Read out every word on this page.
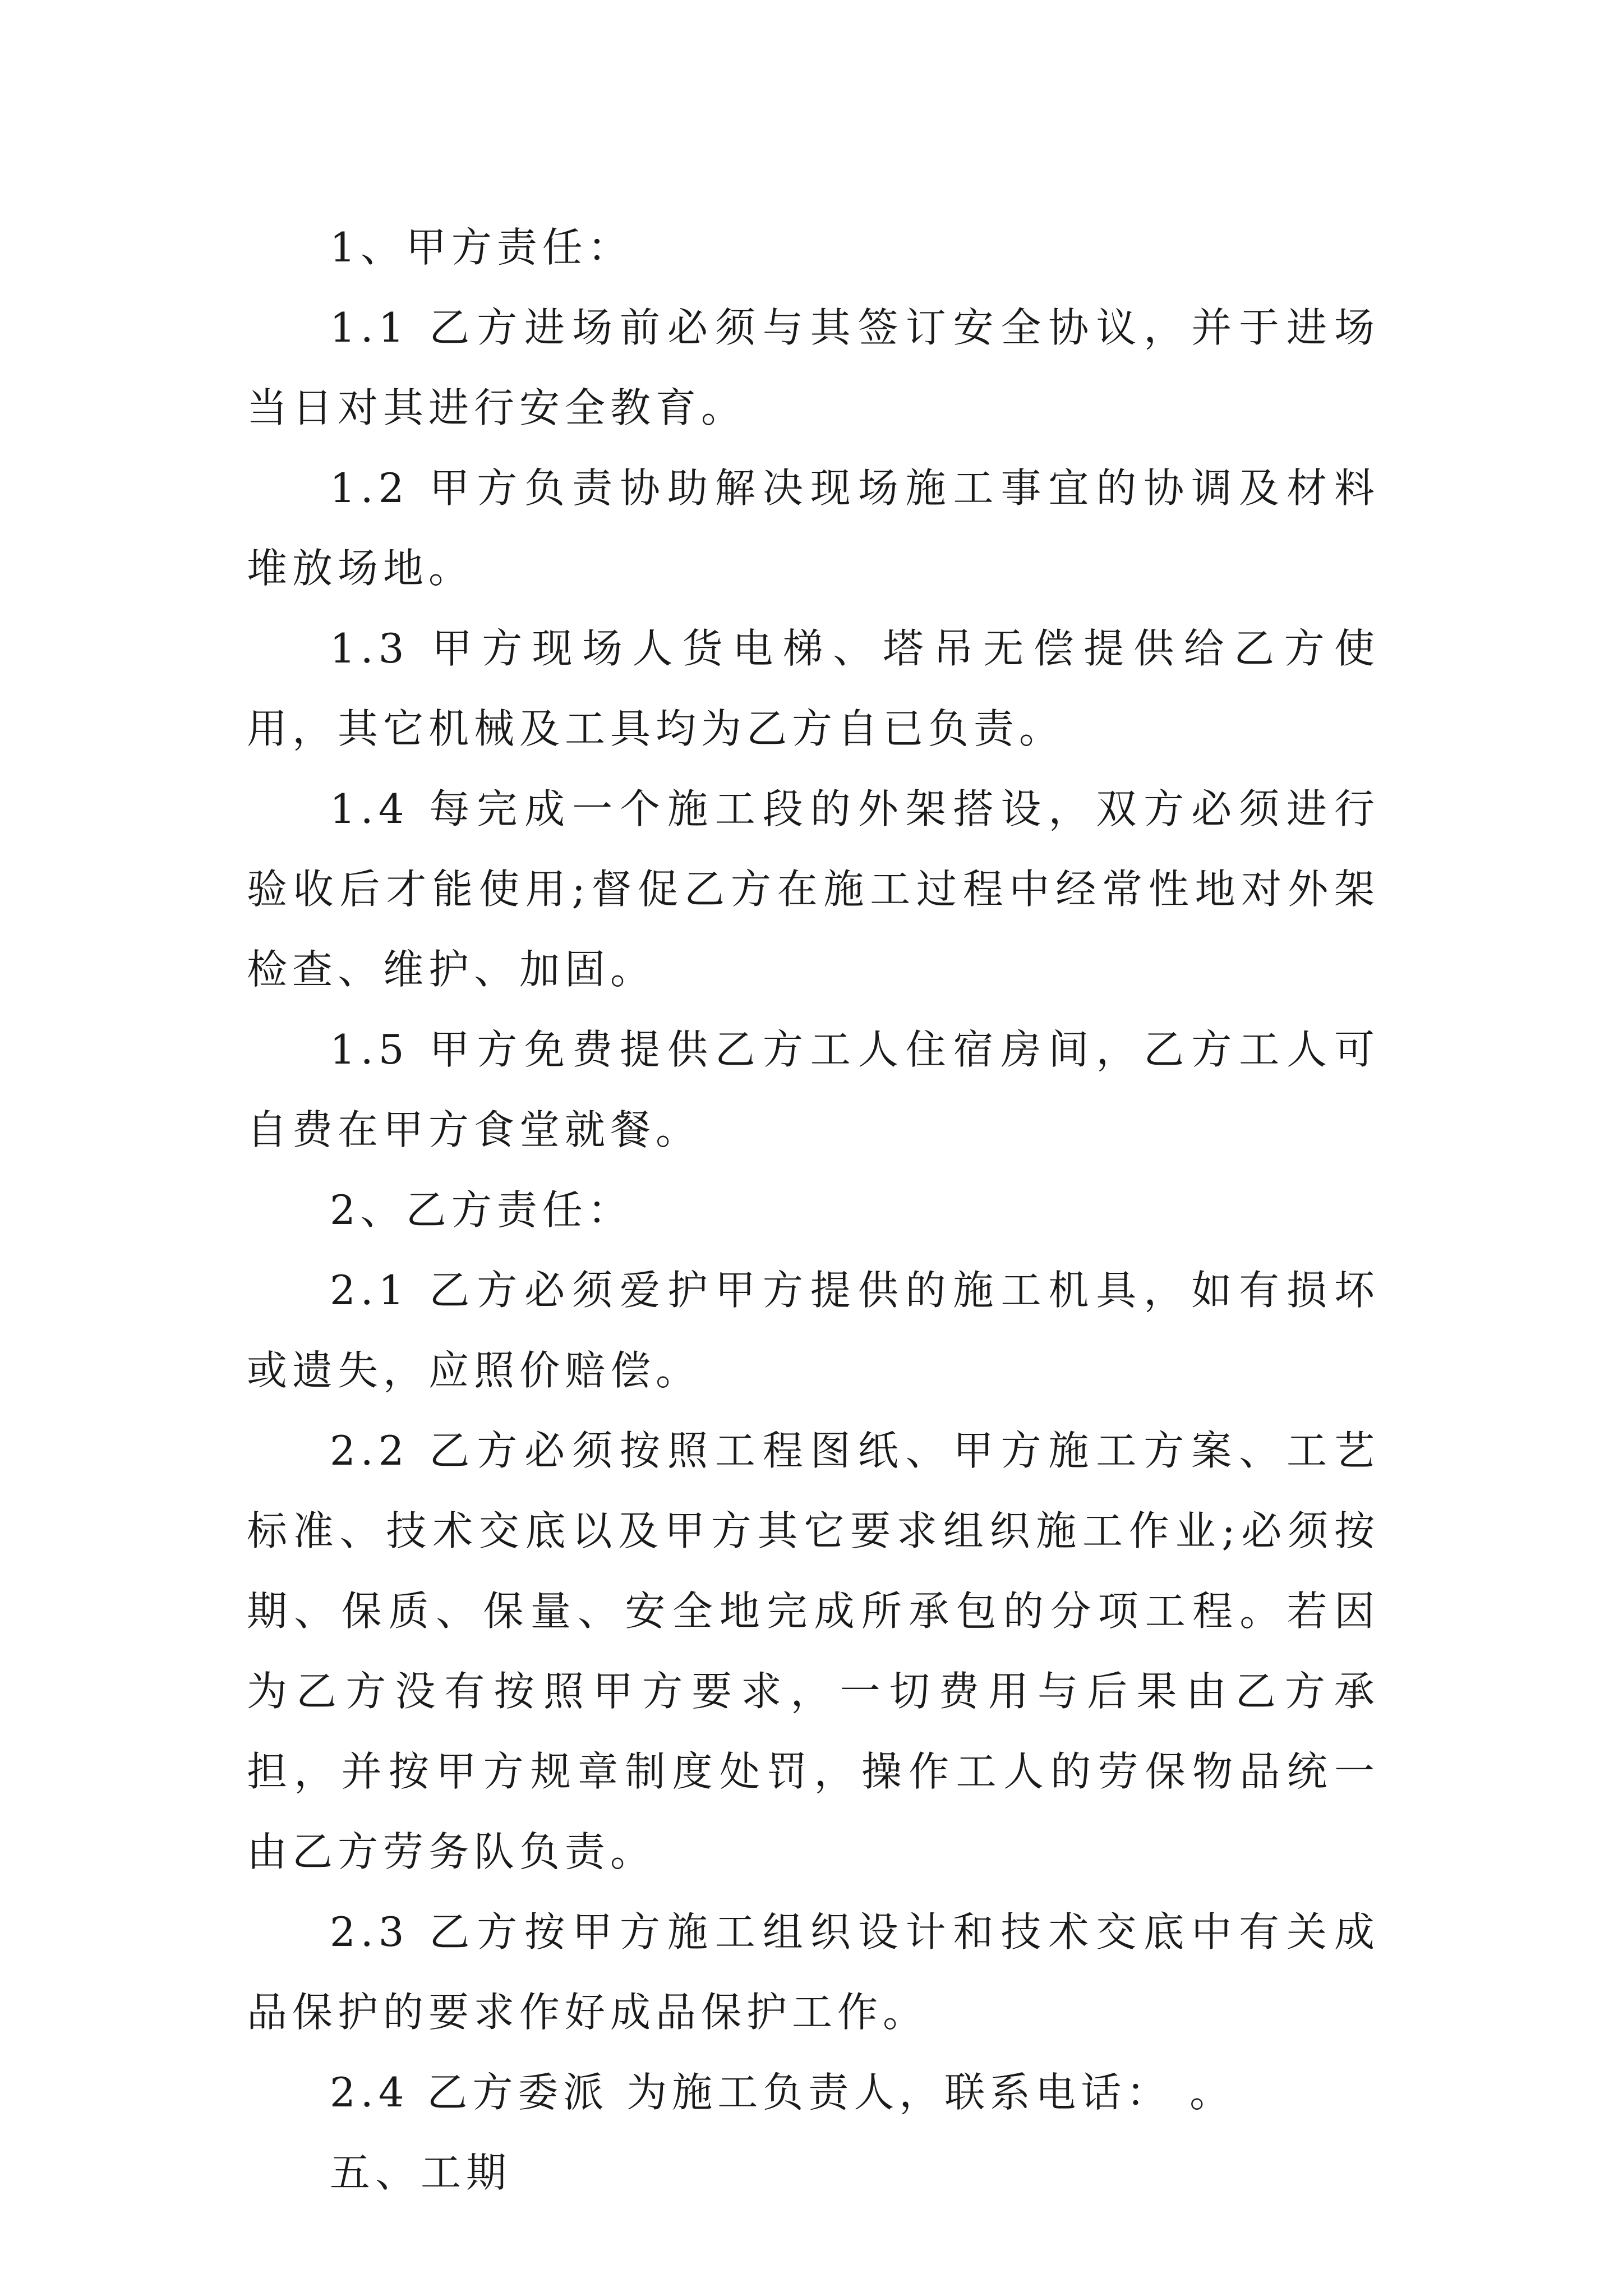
1、甲方责任：

1.1 乙方进场前必须与其签订安全协议，并于进场当日对其进行安全教育。

1.2 甲方负责协助解决现场施工事宜的协调及材料堆放场地。

1.3 甲方现场人货电梯、塔吊无偿提供给乙方使用，其它机械及工具均为乙方自已负责。

1.4 每完成一个施工段的外架搭设，双方必须进行验收后才能使用;督促乙方在施工过程中经常性地对外架检查、维护、加固。

1.5 甲方免费提供乙方工人住宿房间，乙方工人可自费在甲方食堂就餐。

2、乙方责任：

2.1 乙方必须爱护甲方提供的施工机具，如有损坏或遗失，应照价赔偿。

2.2 乙方必须按照工程图纸、甲方施工方案、工艺标准、技术交底以及甲方其它要求组织施工作业;必须按期、保质、保量、安全地完成所承包的分项工程。若因为乙方没有按照甲方要求，一切费用与后果由乙方承担，并按甲方规章制度处罚，操作工人的劳保物品统一由乙方劳务队负责。

2.3 乙方按甲方施工组织设计和技术交底中有关成品保护的要求作好成品保护工作。

2.4 乙方委派 为施工负责人，联系电话： 。

五、工期
